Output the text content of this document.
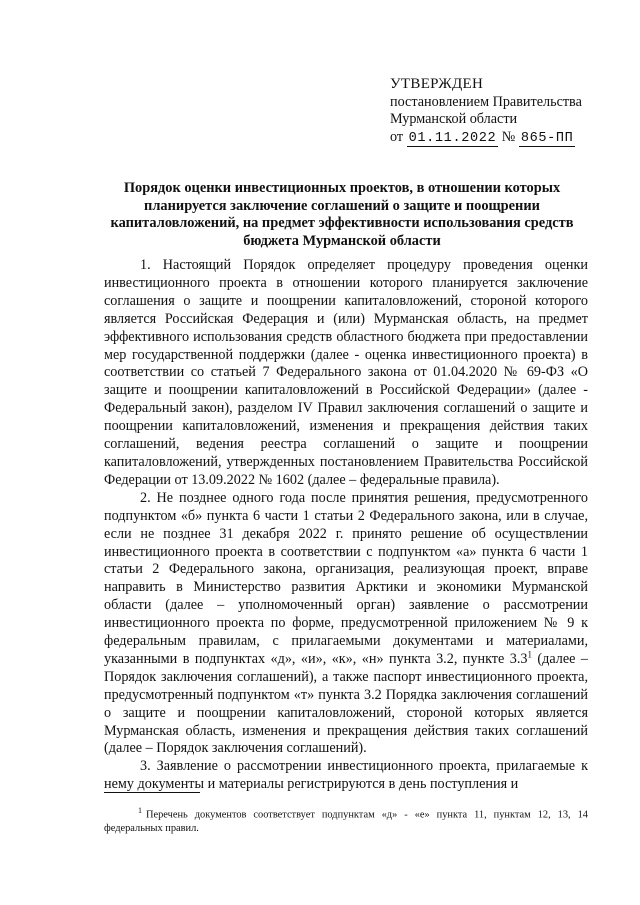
УТВЕРЖДЕН
постановлением Правительства
Мурманской области
от 01.11.2022 № 865-ПП
Порядок оценки инвестиционных проектов, в отношении которых планируется заключение соглашений о защите и поощрении капиталовложений, на предмет эффективности использования средств бюджета Мурманской области

1. Настоящий Порядок определяет процедуру проведения оценки инвестиционного проекта в отношении которого планируется заключение соглашения о защите и поощрении капиталовложений, стороной которого является Российская Федерация и (или) Мурманская область, на предмет эффективного использования средств областного бюджета при предоставлении мер государственной поддержки (далее - оценка инвестиционного проекта) в соответствии со статьей 7 Федерального закона от 01.04.2020 № 69-ФЗ «О защите и поощрении капиталовложений в Российской Федерации» (далее - Федеральный закон), разделом IV Правил заключения соглашений о защите и поощрении капиталовложений, изменения и прекращения действия таких соглашений, ведения реестра соглашений о защите и поощрении капиталовложений, утвержденных постановлением Правительства Российской Федерации от 13.09.2022 № 1602 (далее – федеральные правила).

2. Не позднее одного года после принятия решения, предусмотренного подпунктом «б» пункта 6 части 1 статьи 2 Федерального закона, или в случае, если не позднее 31 декабря 2022 г. принято решение об осуществлении инвестиционного проекта в соответствии с подпунктом «а» пункта 6 части 1 статьи 2 Федерального закона, организация, реализующая проект, вправе направить в Министерство развития Арктики и экономики Мурманской области (далее – уполномоченный орган) заявление о рассмотрении инвестиционного проекта по форме, предусмотренной приложением № 9 к федеральным правилам, с прилагаемыми документами и материалами, указанными в подпунктах «д», «и», «к», «н» пункта 3.2, пункте $3.3^1$ (далее – Порядок заключения соглашений), а также паспорт инвестиционного проекта, предусмотренный подпунктом «т» пункта 3.2 Порядка заключения соглашений о защите и поощрении капиталовложений, стороной которых является Мурманская область, изменения и прекращения действия таких соглашений (далее – Порядок заключения соглашений).

3. Заявление о рассмотрении инвестиционного проекта, прилагаемые к нему документы и материалы регистрируются в день поступления и

$^1$ Перечень документов соответствует подпунктам «д» - «е» пункта 11, пунктам 12, 13, 14 федеральных правил.
